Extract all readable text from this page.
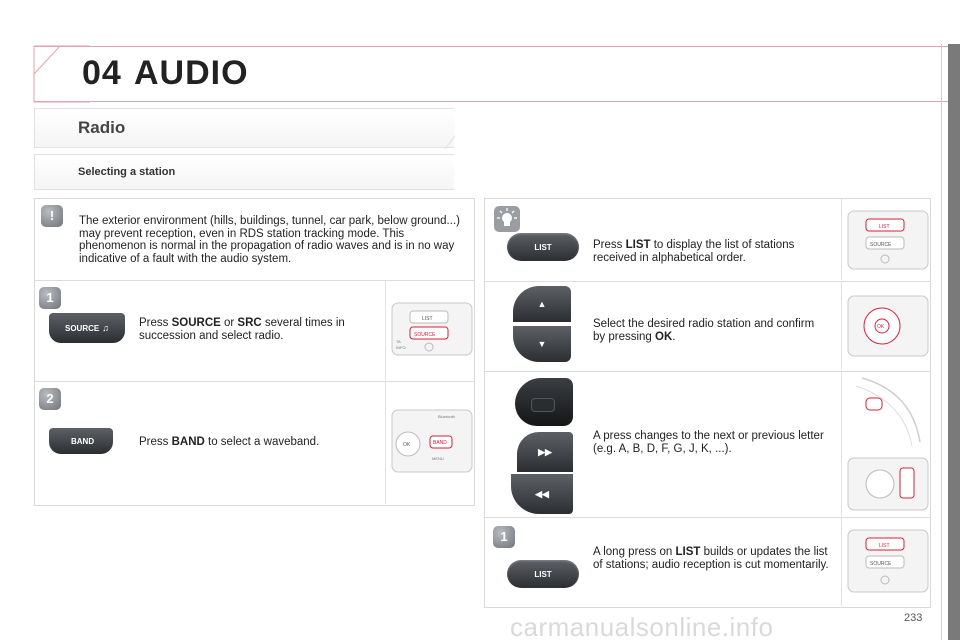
04 AUDIO
Radio
Selecting a station
!	The exterior environment (hills, buildings, tunnel, car park, below ground...) may prevent reception, even in RDS station tracking mode. This phenomenon is normal in the propagation of radio waves and is in no way indicative of a fault with the audio system.
1
SOURCE ♫	Press SOURCE or SRC several times in succession and select radio.
LIST
SOURCE
TA
INFO
2
BAND	Press BAND to select a waveband.	OK	BAND
MENU
Bluetooth
LIST	Press LIST to display the list of stations received in alphabetical order.
LIST
SOURCE
▲
▼
Select the desired radio station and confirm by pressing OK.
OK
▶▶
◀◀
A press changes to the next or previous letter (e.g. A, B, D, F, G, J, K, ...).
1
LIST
A long press on LIST builds or updates the list of stations; audio reception is cut momentarily.
LIST
SOURCE
carmanualsonline.info	233
